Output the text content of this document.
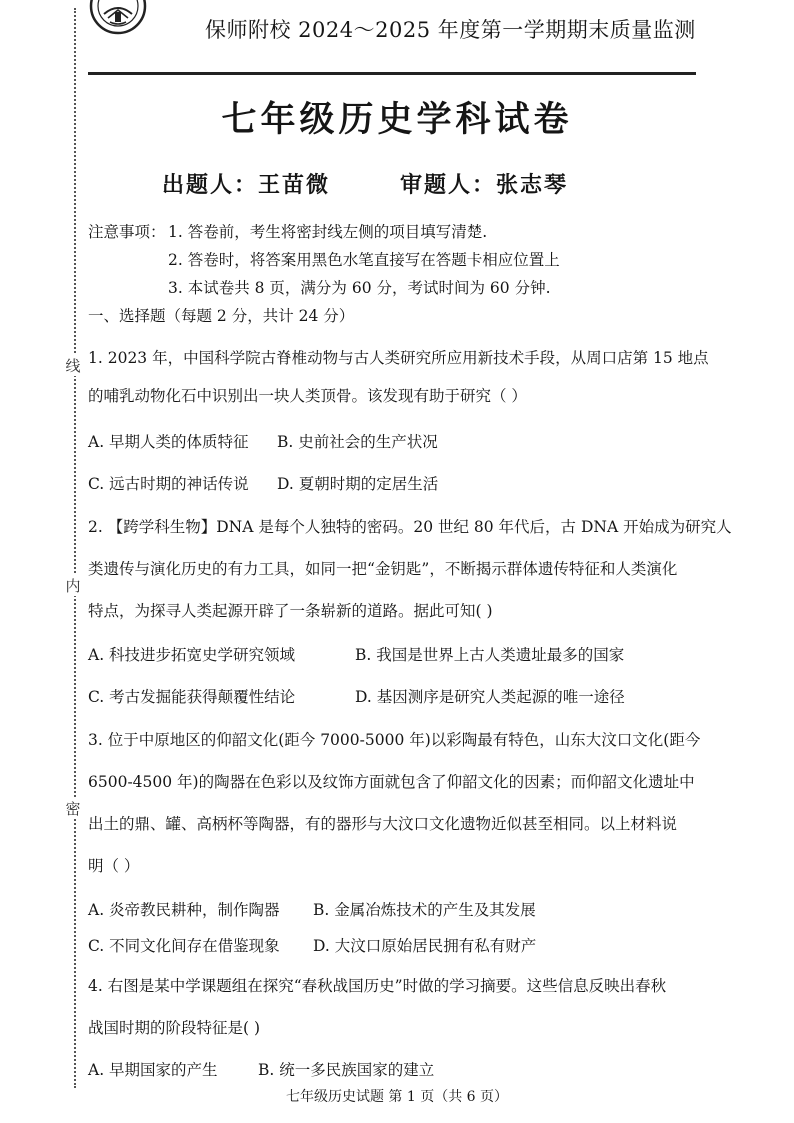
保师附校 2024～2025 年度第一学期期末质量监测
线
内
密
七年级历史学科试卷
出题人：王苗微	审题人：张志琴
注意事项： 1. 答卷前，考生将密封线左侧的项目填写清楚.
2. 答卷时，将答案用黑色水笔直接写在答题卡相应位置上
3. 本试卷共 8 页，满分为 60 分，考试时间为 60 分钟.
一、选择题（每题 2 分，共计 24 分）
1. 2023 年，中国科学院古脊椎动物与古人类研究所应用新技术手段，从周口店第 15 地点
的哺乳动物化石中识别出一块人类顶骨。该发现有助于研究（ ）
A. 早期人类的体质特征 B. 史前社会的生产状况
C. 远古时期的神话传说 D. 夏朝时期的定居生活
2. 【跨学科生物】DNA 是每个人独特的密码。20 世纪 80 年代后，古 DNA 开始成为研究人
类遗传与演化历史的有力工具，如同一把“金钥匙”，不断揭示群体遗传特征和人类演化
特点，为探寻人类起源开辟了一条崭新的道路。据此可知( )
A. 科技进步拓宽史学研究领域	B. 我国是世界上古人类遗址最多的国家
C. 考古发掘能获得颠覆性结论	D. 基因测序是研究人类起源的唯一途径
3. 位于中原地区的仰韶文化(距今 7000-5000 年)以彩陶最有特色，山东大汶口文化(距今
6500-4500 年)的陶器在色彩以及纹饰方面就包含了仰韶文化的因素；而仰韶文化遗址中
出土的鼎、罐、高柄杯等陶器，有的器形与大汶口文化遗物近似甚至相同。以上材料说
明（ ）
A. 炎帝教民耕种，制作陶器 B. 金属冶炼技术的产生及其发展
C. 不同文化间存在借鉴现象 D. 大汶口原始居民拥有私有财产
4. 右图是某中学课题组在探究“春秋战国历史”时做的学习摘要。这些信息反映出春秋
战国时期的阶段特征是( )
A. 早期国家的产生	B. 统一多民族国家的建立
七年级历史试题 第 1 页（共 6 页）
